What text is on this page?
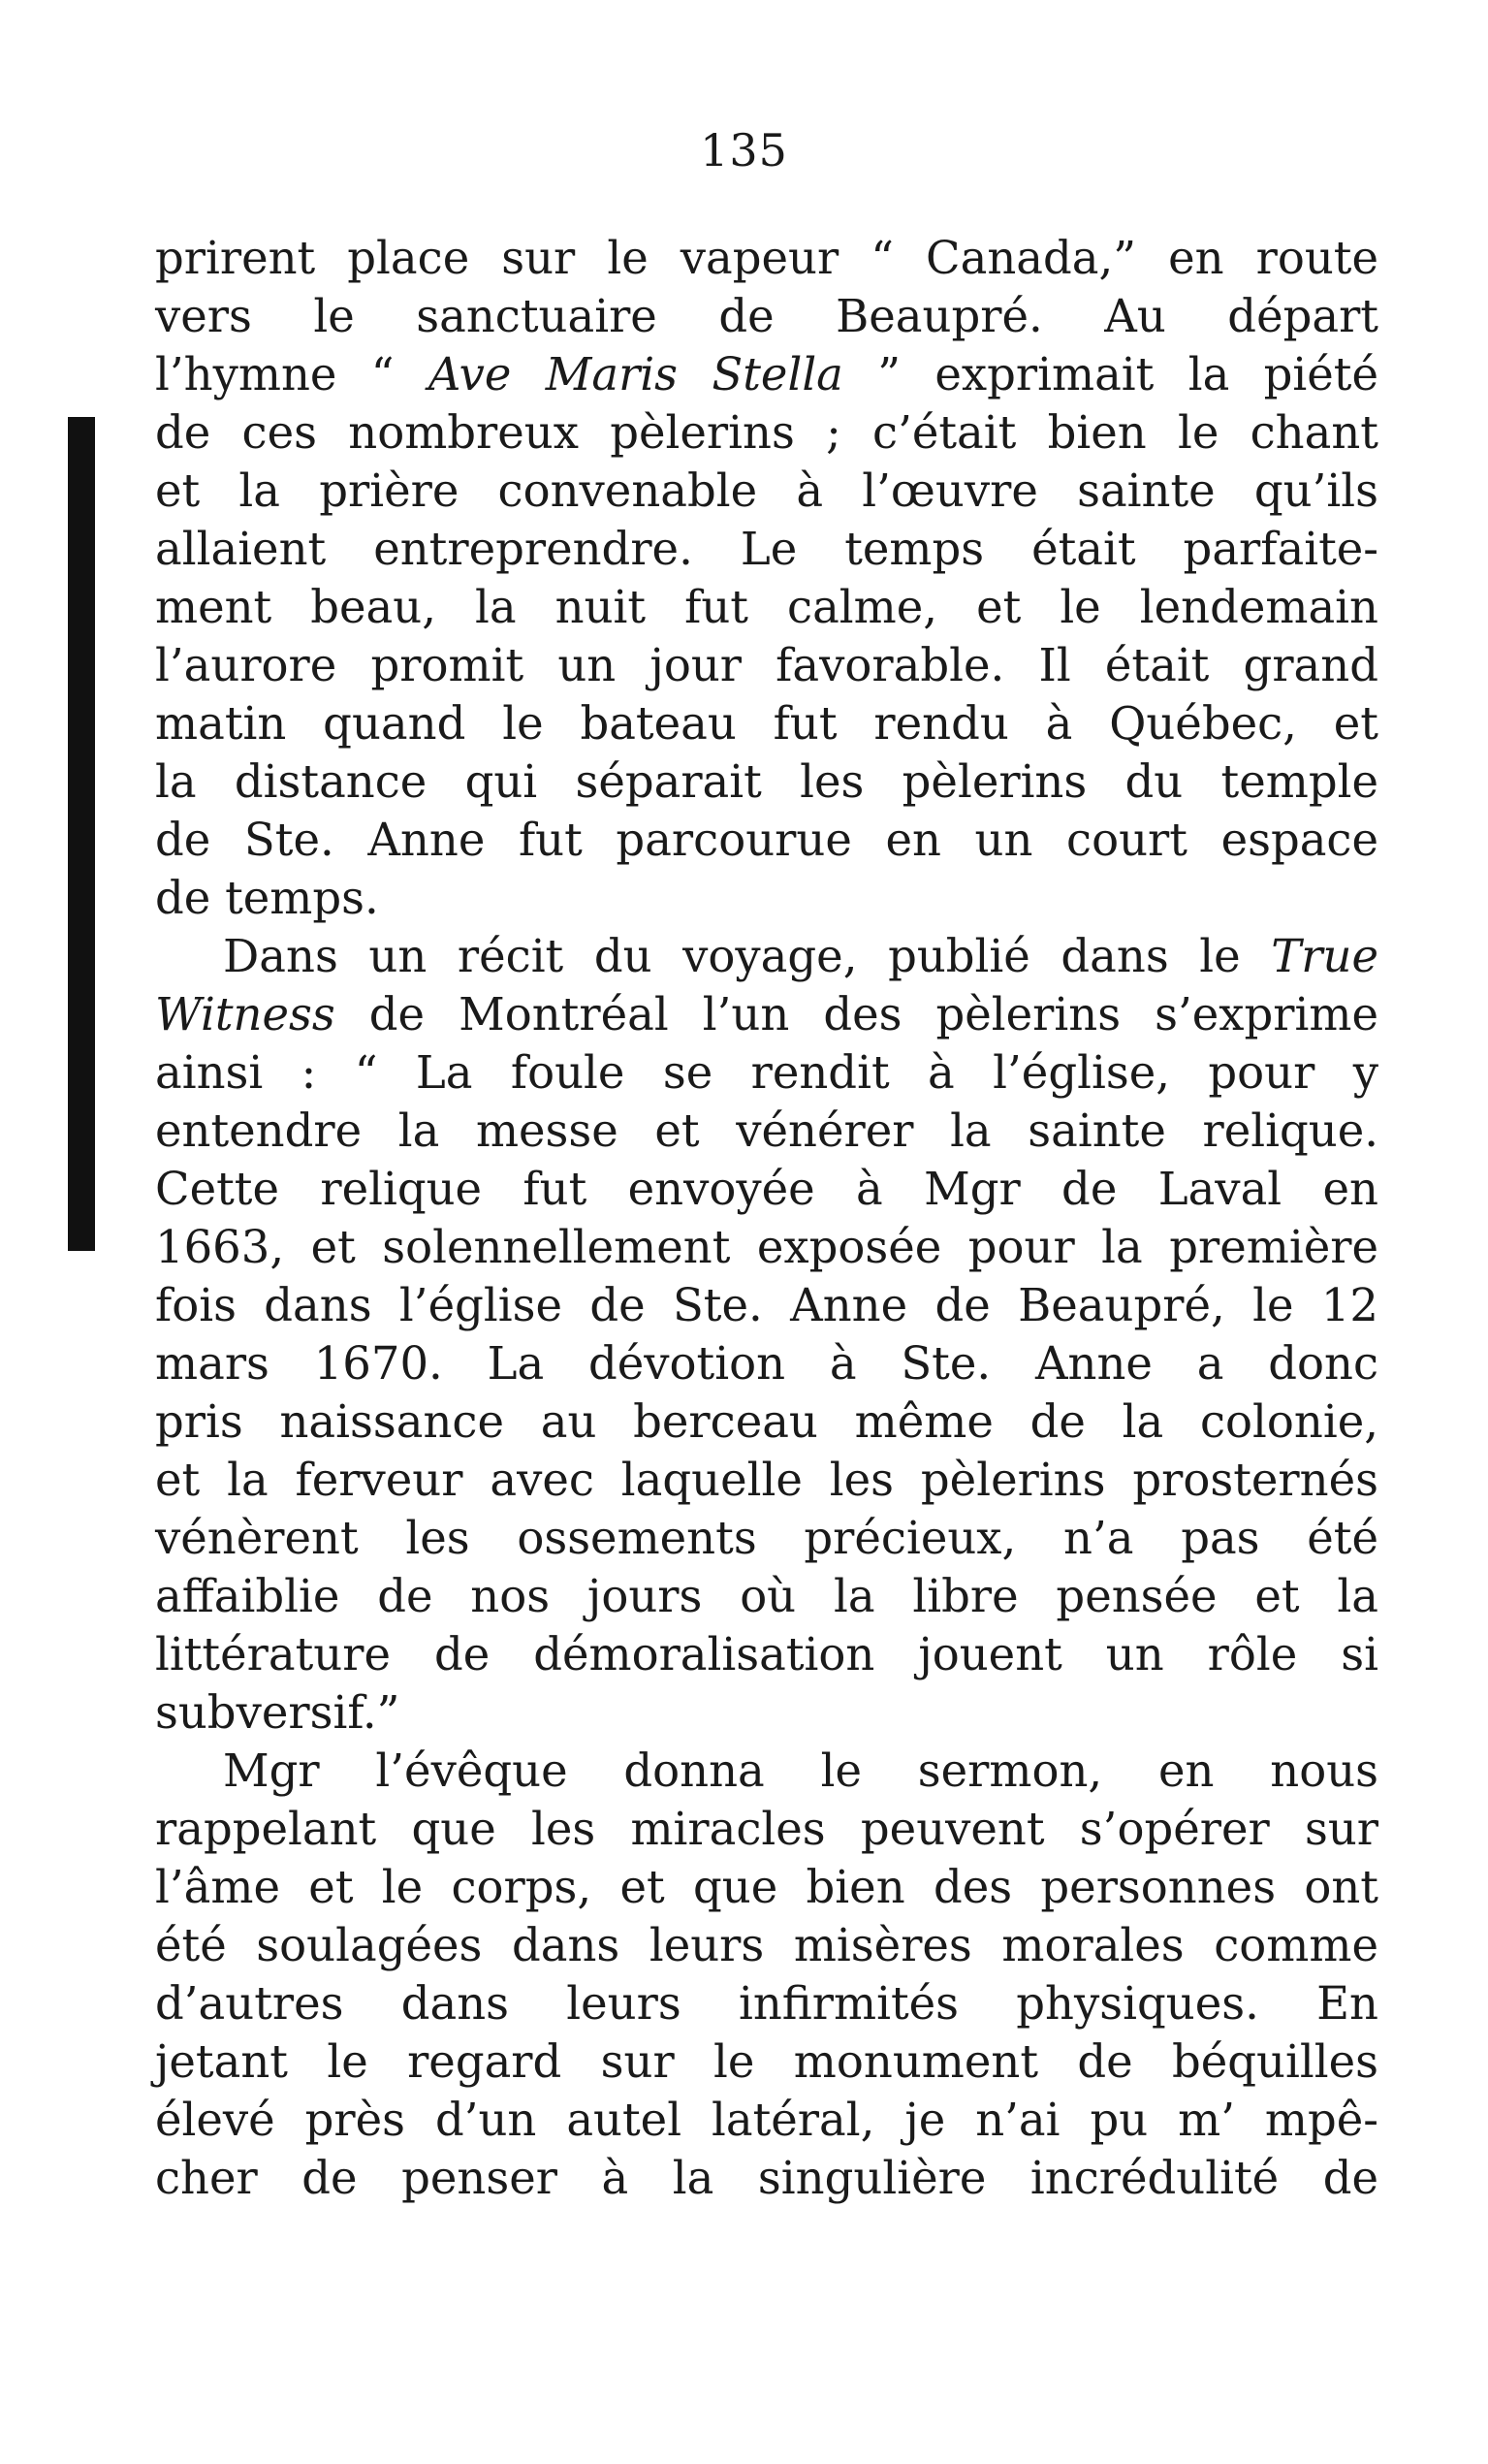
135
prirent place sur le vapeur “ Canada,” en route
vers le sanctuaire de Beaupré. Au départ
l’hymne “ Ave Maris Stella ” exprimait la piété
de ces nombreux pèlerins ; c’était bien le chant
et la prière convenable à l’œuvre sainte qu’ils
allaient entreprendre. Le temps était parfaite-
ment beau, la nuit fut calme, et le lendemain
l’aurore promit un jour favorable. Il était grand
matin quand le bateau fut rendu à Québec, et
la distance qui séparait les pèlerins du temple
de Ste. Anne fut parcourue en un court espace
de temps.
Dans un récit du voyage, publié dans le True
Witness de Montréal l’un des pèlerins s’exprime
ainsi : “ La foule se rendit à l’église, pour y
entendre la messe et vénérer la sainte relique.
Cette relique fut envoyée à Mgr de Laval en
1663, et solennellement exposée pour la première
fois dans l’église de Ste. Anne de Beaupré, le 12
mars 1670. La dévotion à Ste. Anne a donc
pris naissance au berceau même de la colonie,
et la ferveur avec laquelle les pèlerins prosternés
vénèrent les ossements précieux, n’a pas été
affaiblie de nos jours où la libre pensée et la
littérature de démoralisation jouent un rôle si
subversif.”
Mgr l’évêque donna le sermon, en nous
rappelant que les miracles peuvent s’opérer sur
l’âme et le corps, et que bien des personnes ont
été soulagées dans leurs misères morales comme
d’autres dans leurs infirmités physiques. En
jetant le regard sur le monument de béquilles
élevé près d’un autel latéral, je n’ai pu m’ mpê-
cher de penser à la singulière incrédulité de
